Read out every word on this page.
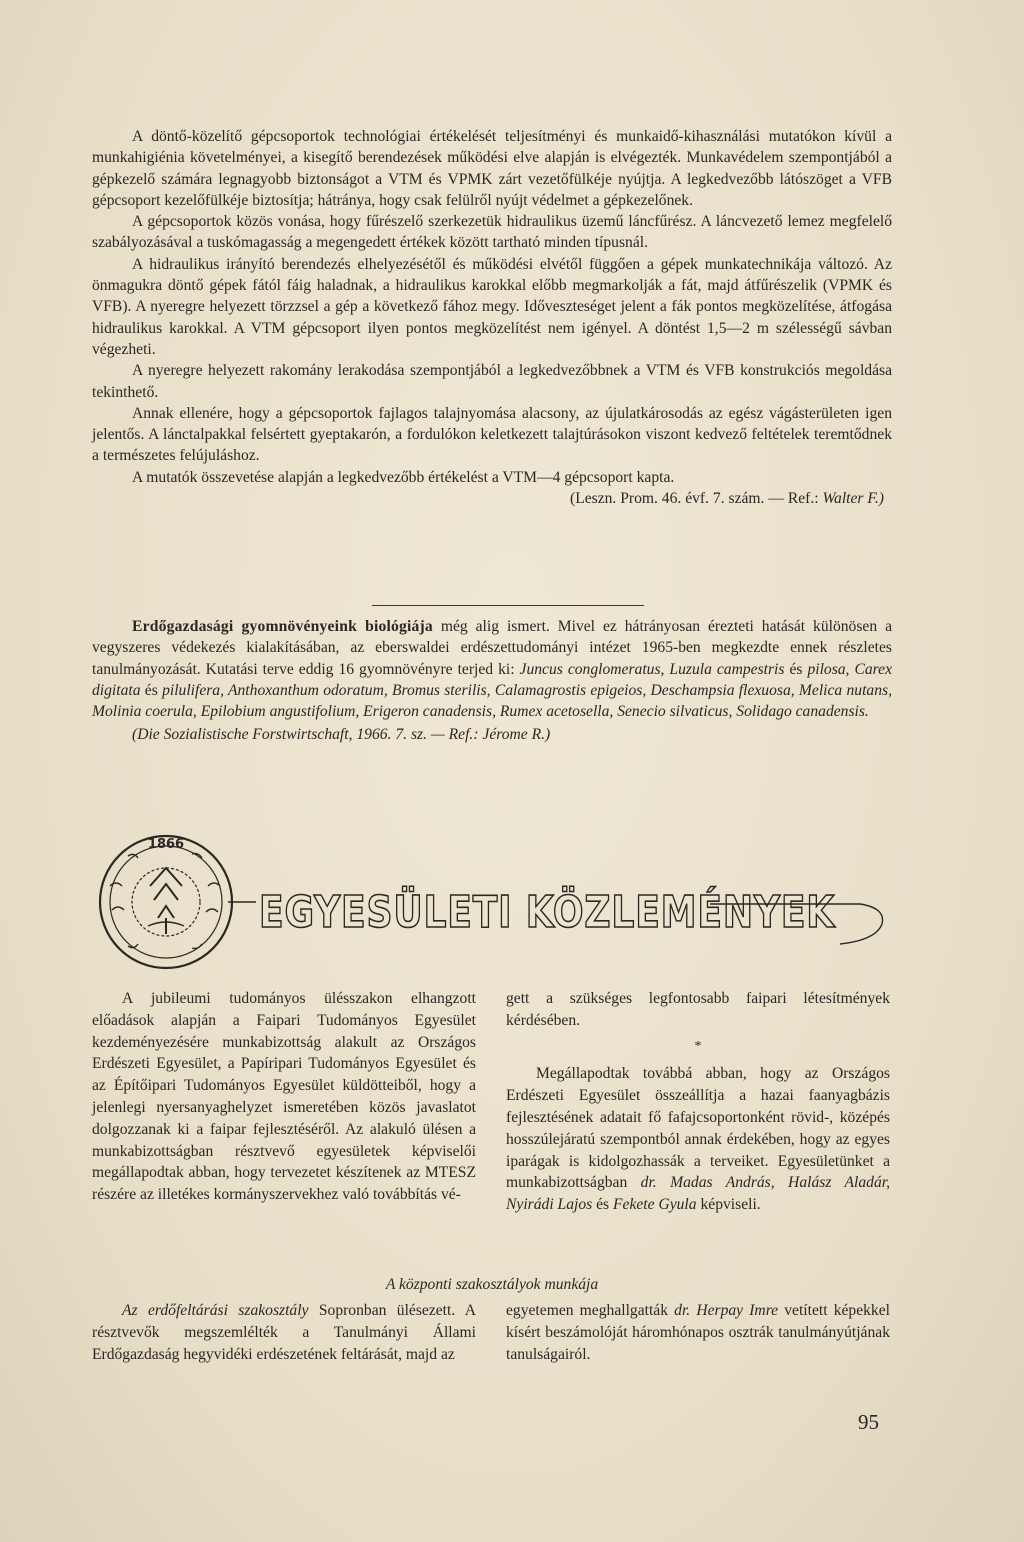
A döntő-közelítő gépcsoportok technológiai értékelését teljesítményi és munkaidő-kihasználási mutatókon kívül a munkahigiénia követelményei, a kisegítő berendezések működési elve alapján is elvégezték. Munkavédelem szempontjából a gépkezelő számára legnagyobb biztonságot a VTM és VPMK zárt vezetőfülkéje nyújtja. A legkedvezőbb látószöget a VFB gépcsoport kezelőfülkéje biztosítja; hátránya, hogy csak felülről nyújt védelmet a gépkezelőnek.

A gépcsoportok közös vonása, hogy fűrészelő szerkezetük hidraulikus üzemű láncfűrész. A láncvezető lemez megfelelő szabályozásával a tuskómagasság a megengedett értékek között tartható minden típusnál.

A hidraulikus irányító berendezés elhelyezésétől és működési elvétől függően a gépek munkatechnikája változó. Az önmagukra döntő gépek fától fáig haladnak, a hidraulikus karokkal előbb megmarkolják a fát, majd átfűrészelik (VPMK és VFB). A nyeregre helyezett törzzsel a gép a következő fához megy. Időveszteséget jelent a fák pontos megközelítése, átfogása hidraulikus karokkal. A VTM gépcsoport ilyen pontos megközelítést nem igényel. A döntést 1,5—2 m szélességű sávban végezheti.

A nyeregre helyezett rakomány lerakodása szempontjából a legkedvezőbbnek a VTM és VFB konstrukciós megoldása tekinthető.

Annak ellenére, hogy a gépcsoportok fajlagos talajnyomása alacsony, az újulatkárosodás az egész vágásterületen igen jelentős. A lánctalpakkal felsértett gyeptakarón, a fordulókon keletkezett talajtúrásokon viszont kedvező feltételek teremtődnek a természetes felújuláshoz.

A mutatók összevetése alapján a legkedvezőbb értékelést a VTM—4 gépcsoport kapta.

(Leszn. Prom. 46. évf. 7. szám. — Ref.: Walter F.)

Erdőgazdasági gyomnövényeink biológiája még alig ismert. Mivel ez hátrányosan érezteti hatását különösen a vegyszeres védekezés kialakításában, az eberswaldei erdészettudományi intézet 1965-ben megkezdte ennek részletes tanulmányozását. Kutatási terve eddig 16 gyomnövényre terjed ki: Juncus conglomeratus, Luzula campestris és pilosa, Carex digitata és pilulifera, Anthoxanthum odoratum, Bromus sterilis, Calamagrostis epigeios, Deschampsia flexuosa, Melica nutans, Molinia coerula, Epilobium angustifolium, Erigeron canadensis, Rumex acetosella, Senecio silvaticus, Solidago canadensis.

(Die Sozialistische Forstwirtschaft, 1966. 7. sz. — Ref.: Jérome R.)

1866
EGYESÜLETI KÖZLEMÉNYEK

A jubileumi tudományos ülésszakon elhangzott előadások alapján a Faipari Tudományos Egyesület kezdeményezésére munkabizottság alakult az Országos Erdészeti Egyesület, a Papíripari Tudományos Egyesület és az Építőipari Tudományos Egyesület küldötteiből, hogy a jelenlegi nyersanyaghelyzet ismeretében közös javaslatot dolgozzanak ki a faipar fejlesztéséről. Az alakuló ülésen a munkabizottságban résztvevő egyesületek képviselői megállapodtak abban, hogy tervezetet készítenek az MTESZ részére az illetékes kormányszervekhez való továbbítás vé-

gett a szükséges legfontosabb faipari létesítmények kérdésében.

*

Megállapodtak továbbá abban, hogy az Országos Erdészeti Egyesület összeállítja a hazai faanyagbázis fejlesztésének adatait fő fafajcsoportonként rövid-, középés hosszúlejáratú szempontból annak érdekében, hogy az egyes iparágak is kidolgozhassák a terveiket. Egyesületünket a munkabizottságban dr. Madas András, Halász Aladár, Nyirádi Lajos és Fekete Gyula képviseli.

A központi szakosztályok munkája

Az erdőfeltárási szakosztály Sopronban ülésezett. A résztvevők megszemlélték a Tanulmányi Állami Erdőgazdaság hegyvidéki erdészetének feltárását, majd az

egyetemen meghallgatták dr. Herpay Imre vetített képekkel kísért beszámolóját háromhónapos osztrák tanulmányútjának tanulságairól.

95
